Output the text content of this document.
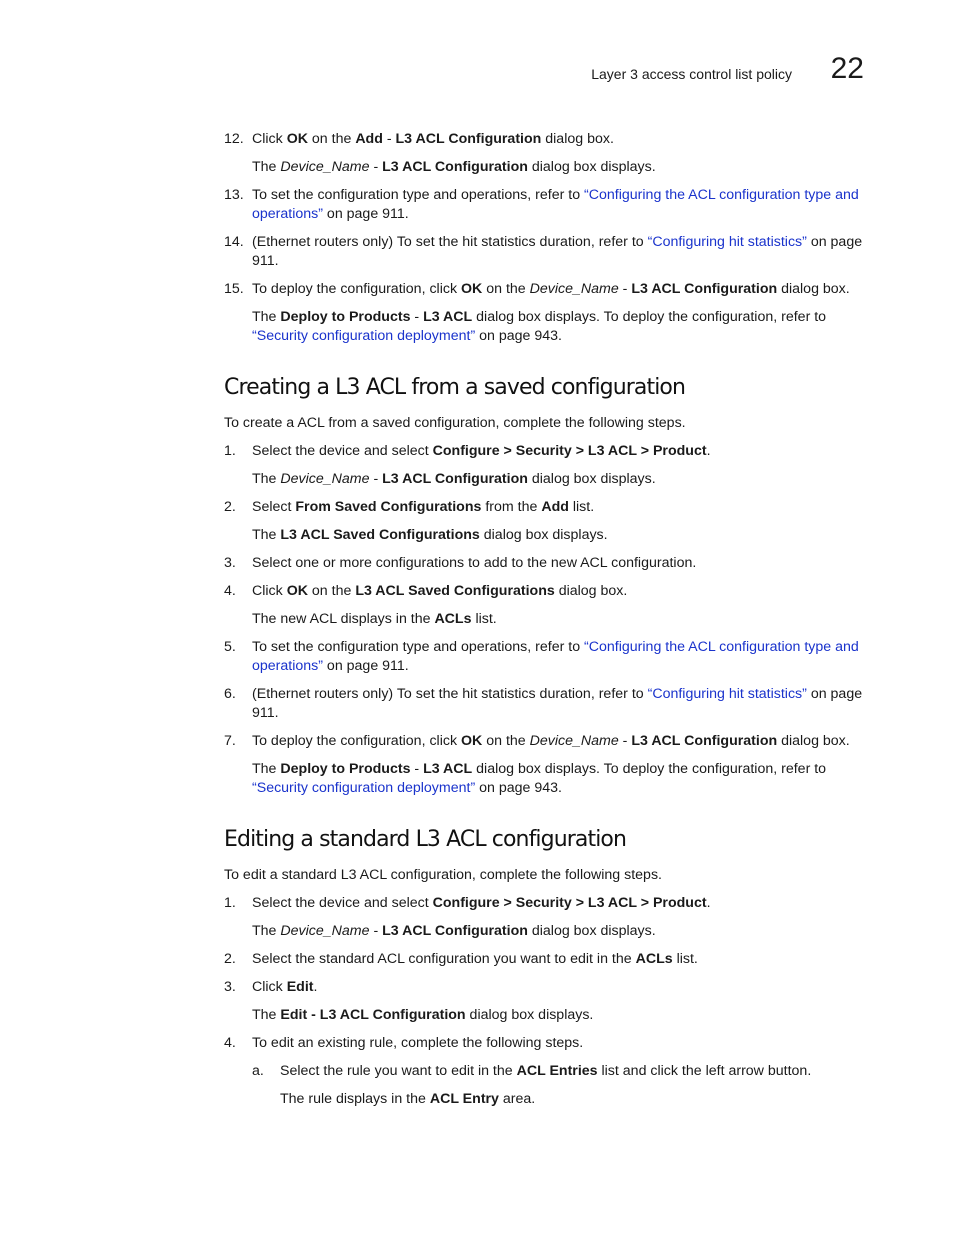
Layer 3 access control list policy 22
12. Click OK on the Add - L3 ACL Configuration dialog box.
The Device_Name - L3 ACL Configuration dialog box displays.
13. To set the configuration type and operations, refer to “Configuring the ACL configuration type and operations” on page 911.
14. (Ethernet routers only) To set the hit statistics duration, refer to “Configuring hit statistics” on page 911.
15. To deploy the configuration, click OK on the Device_Name - L3 ACL Configuration dialog box.
The Deploy to Products - L3 ACL dialog box displays. To deploy the configuration, refer to “Security configuration deployment” on page 943.
Creating a L3 ACL from a saved configuration
To create a ACL from a saved configuration, complete the following steps.
1. Select the device and select Configure > Security > L3 ACL > Product.
The Device_Name - L3 ACL Configuration dialog box displays.
2. Select From Saved Configurations from the Add list.
The L3 ACL Saved Configurations dialog box displays.
3. Select one or more configurations to add to the new ACL configuration.
4. Click OK on the L3 ACL Saved Configurations dialog box.
The new ACL displays in the ACLs list.
5. To set the configuration type and operations, refer to “Configuring the ACL configuration type and operations” on page 911.
6. (Ethernet routers only) To set the hit statistics duration, refer to “Configuring hit statistics” on page 911.
7. To deploy the configuration, click OK on the Device_Name - L3 ACL Configuration dialog box.
The Deploy to Products - L3 ACL dialog box displays. To deploy the configuration, refer to “Security configuration deployment” on page 943.
Editing a standard L3 ACL configuration
To edit a standard L3 ACL configuration, complete the following steps.
1. Select the device and select Configure > Security > L3 ACL > Product.
The Device_Name - L3 ACL Configuration dialog box displays.
2. Select the standard ACL configuration you want to edit in the ACLs list.
3. Click Edit.
The Edit - L3 ACL Configuration dialog box displays.
4. To edit an existing rule, complete the following steps.
a. Select the rule you want to edit in the ACL Entries list and click the left arrow button.
The rule displays in the ACL Entry area.
